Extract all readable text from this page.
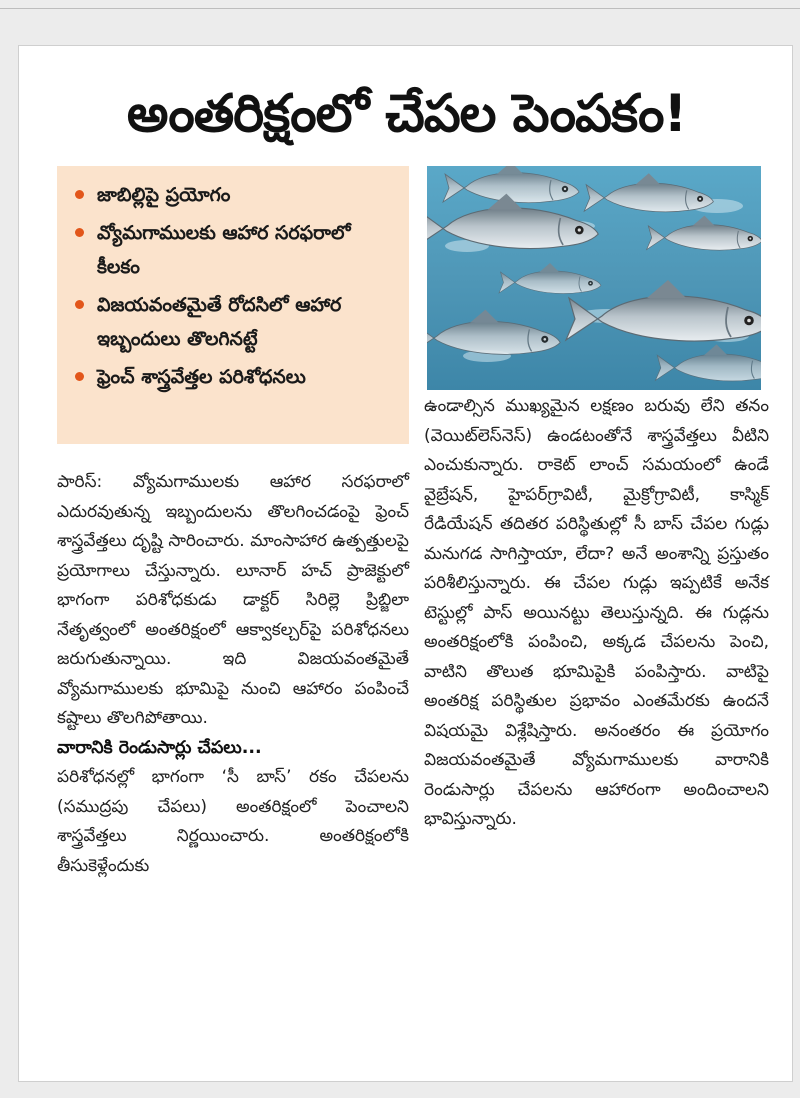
అంతరిక్షంలో చేపల పెంపకం!
జాబిల్లిపై ప్రయోగం
వ్యోమగాములకు ఆహార సరఫరాలో కీలకం
విజయవంతమైతే రోదసిలో ఆహార ఇబ్బందులు తొలగినట్టే
ఫ్రెంచ్ శాస్త్రవేత్తల పరిశోధనలు

పారిస్: వ్యోమగాములకు ఆహార సరఫరాలో ఎదురవుతున్న ఇబ్బందులను తొలగించడంపై ఫ్రెంచ్ శాస్త్రవేత్తలు దృష్టి సారించారు. మాంసాహార ఉత్పత్తులపై ప్రయోగాలు చేస్తున్నారు. లూనార్ హచ్ ప్రాజెక్టులో భాగంగా పరిశోధకుడు డాక్టర్ సిరిల్లె ప్రిబ్జిలా నేతృత్వంలో అంతరిక్షంలో ఆక్వాకల్చర్‌పై పరిశోధనలు జరుగుతున్నాయి. ఇది విజయవంతమైతే వ్యోమగాములకు భూమిపై నుంచి ఆహారం పంపించే కష్టాలు తొలగిపోతాయి.

వారానికి రెండుసార్లు చేపలు...

పరిశోధనల్లో భాగంగా ‘సీ బాస్’ రకం చేపలను (సముద్రపు చేపలు) అంతరిక్షంలో పెంచాలని శాస్త్రవేత్తలు నిర్ణయించారు. అంతరిక్షంలోకి తీసుకెళ్లేందుకు

ఉండాల్సిన ముఖ్యమైన లక్షణం బరువు లేని తనం (వెయిట్‌లెస్‌నెస్) ఉండటంతోనే శాస్త్రవేత్తలు వీటిని ఎంచుకున్నారు. రాకెట్ లాంచ్ సమయంలో ఉండే వైబ్రేషన్, హైపర్‌గ్రావిటీ, మైక్రోగ్రావిటీ, కాస్మిక్ రేడియేషన్ తదితర పరిస్థితుల్లో సీ బాస్ చేపల గుడ్లు మనుగడ సాగిస్తాయా, లేదా? అనే అంశాన్ని ప్రస్తుతం పరిశీలిస్తున్నారు. ఈ చేపల గుడ్లు ఇప్పటికే అనేక టెస్టుల్లో పాస్ అయినట్టు తెలుస్తున్నది. ఈ గుడ్లను అంతరిక్షంలోకి పంపించి, అక్కడ చేపలను పెంచి, వాటిని తొలుత భూమిపైకి పంపిస్తారు. వాటిపై అంతరిక్ష పరిస్థితుల ప్రభావం ఎంతమేరకు ఉందనే విషయమై విశ్లేషిస్తారు. అనంతరం ఈ ప్రయోగం విజయవంతమైతే వ్యోమగాములకు వారానికి రెండుసార్లు చేపలను ఆహారంగా అందించాలని భావిస్తున్నారు.
